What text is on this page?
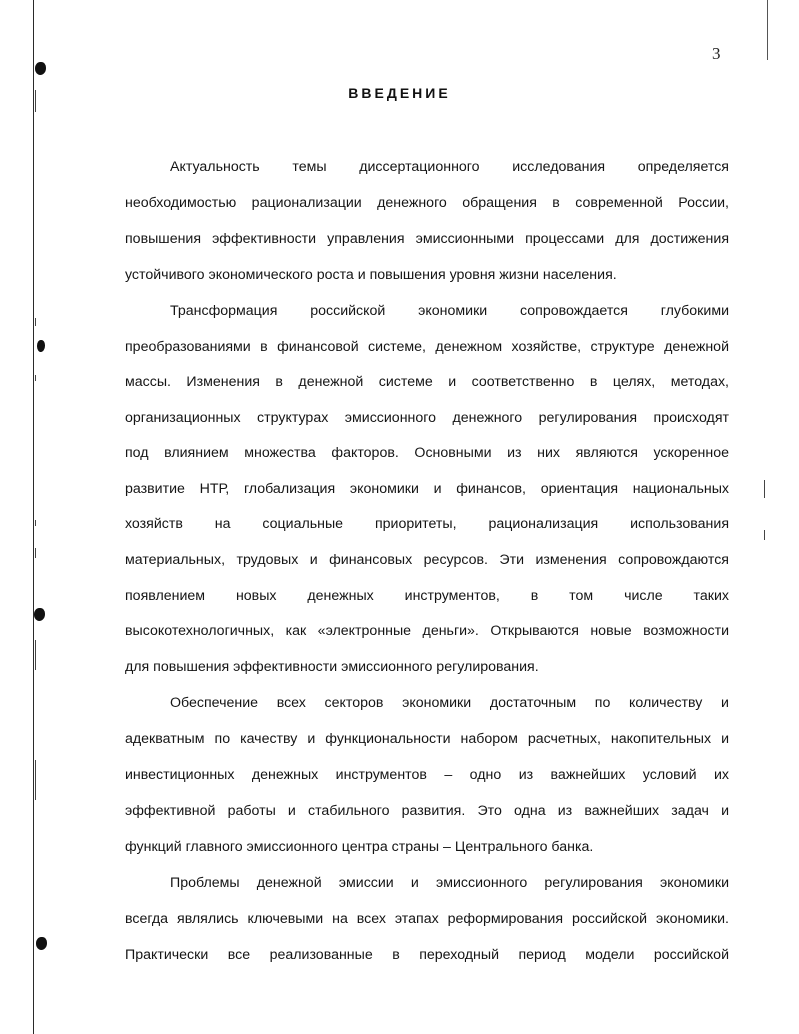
3
ВВЕДЕНИЕ
Актуальность темы диссертационного исследования определяется
необходимостью рационализации денежного обращения в современной России,
повышения эффективности управления эмиссионными процессами для достижения
устойчивого экономического роста и повышения уровня жизни населения.
Трансформация российской экономики сопровождается глубокими
преобразованиями в финансовой системе, денежном хозяйстве, структуре денежной
массы. Изменения в денежной системе и соответственно в целях, методах,
организационных структурах эмиссионного денежного регулирования происходят
под влиянием множества факторов. Основными из них являются ускоренное
развитие НТР, глобализация экономики и финансов, ориентация национальных
хозяйств на социальные приоритеты, рационализация использования
материальных, трудовых и финансовых ресурсов. Эти изменения сопровождаются
появлением новых денежных инструментов, в том числе таких
высокотехнологичных, как «электронные деньги». Открываются новые возможности
для повышения эффективности эмиссионного регулирования.
Обеспечение всех секторов экономики достаточным по количеству и
адекватным по качеству и функциональности набором расчетных, накопительных и
инвестиционных денежных инструментов – одно из важнейших условий их
эффективной работы и стабильного развития. Это одна из важнейших задач и
функций главного эмиссионного центра страны – Центрального банка.
Проблемы денежной эмиссии и эмиссионного регулирования экономики
всегда являлись ключевыми на всех этапах реформирования российской экономики.
Практически все реализованные в переходный период модели российской
